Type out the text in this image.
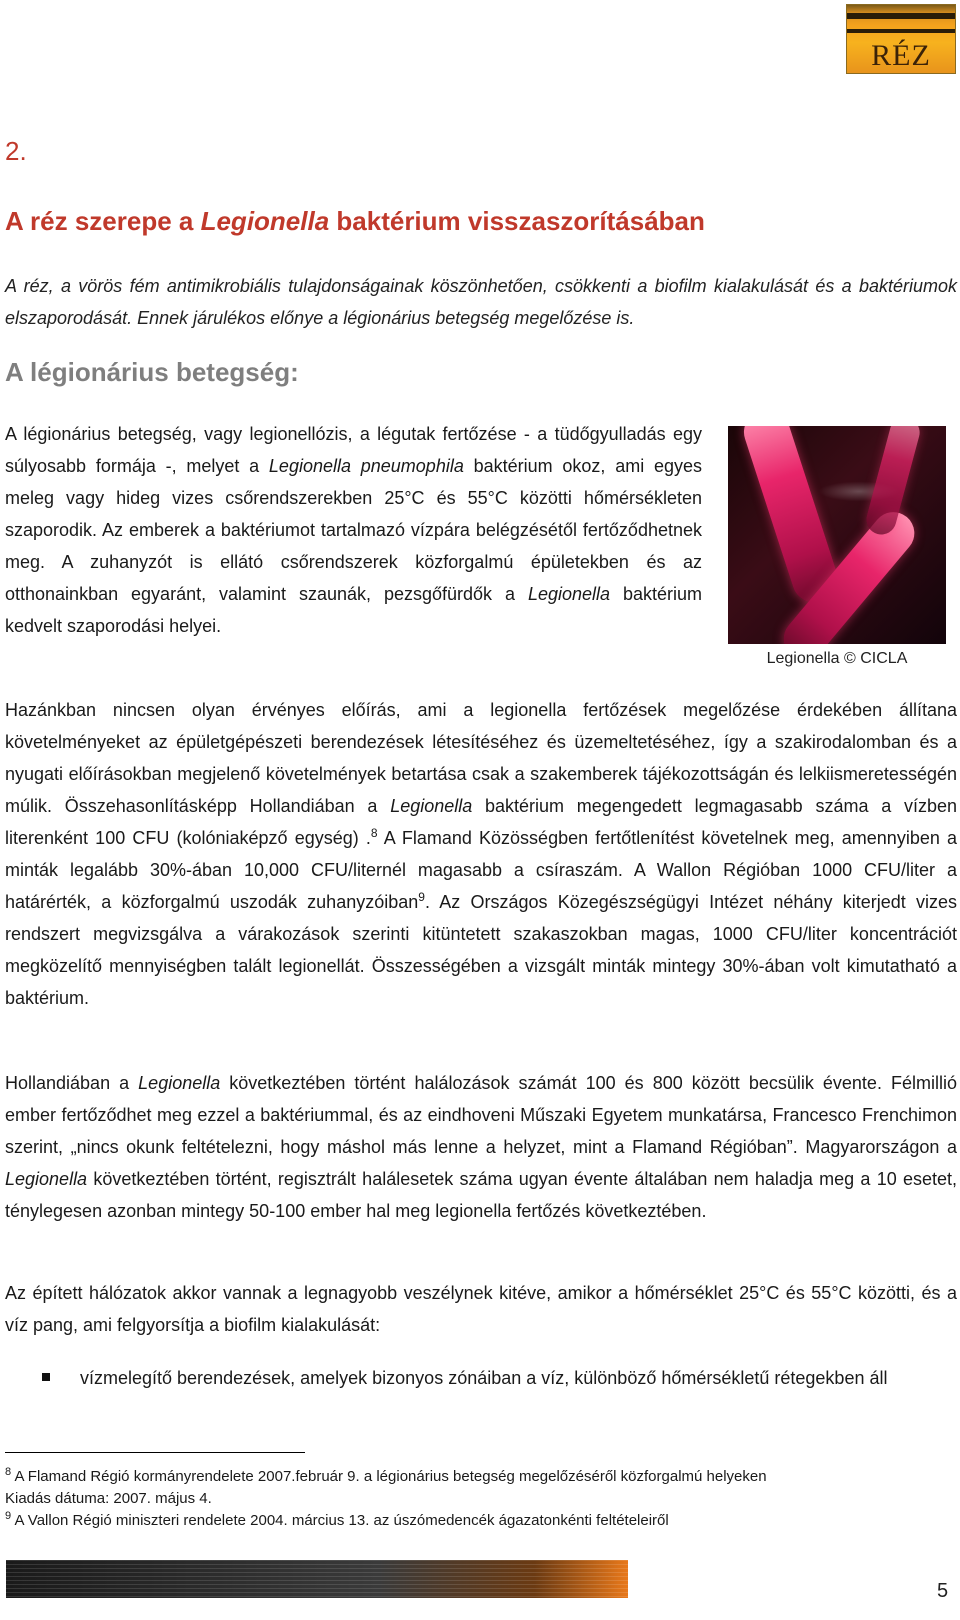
RÉZ
2.
A réz szerepe a Legionella baktérium visszaszorításában

A réz, a vörös fém antimikrobiális tulajdonságainak köszönhetően, csökkenti a biofilm kialakulását és a baktériumok elszaporodását. Ennek járulékos előnye a légionárius betegség megelőzése is.

A légionárius betegség:

A légionárius betegség, vagy legionellózis, a légutak fertőzése - a tüdőgyulladás egy súlyosabb formája -, melyet a Legionella pneumophila baktérium okoz, ami egyes meleg vagy hideg vizes csőrendszerekben 25°C és 55°C közötti hőmérsékleten szaporodik. Az emberek a baktériumot tartalmazó vízpára belégzésétől fertőződhetnek meg. A zuhanyzót is ellátó csőrendszerek közforgalmú épületekben és az otthonainkban egyaránt, valamint szaunák, pezsgőfürdők a Legionella baktérium kedvelt szaporodási helyei.

Legionella © CICLA

Hazánkban nincsen olyan érvényes előírás, ami a legionella fertőzések megelőzése érdekében állítana követelményeket az épületgépészeti berendezések létesítéséhez és üzemeltetéséhez, így a szakirodalomban és a nyugati előírásokban megjelenő követelmények betartása csak a szakemberek tájékozottságán és lelkiismeretességén múlik. Összehasonlításképp Hollandiában a Legionella baktérium megengedett legmagasabb száma a vízben literenként 100 CFU (kolóniaképző egység) .$^8$ A Flamand Közösségben fertőtlenítést követelnek meg, amennyiben a minták legalább 30%-ában 10,000 CFU/liternél magasabb a csíraszám. A Wallon Régióban 1000 CFU/liter a határérték, a közforgalmú uszodák zuhanyzóiban$^9$. Az Országos Közegészségügyi Intézet néhány kiterjedt vizes rendszert megvizsgálva a várakozások szerinti kitüntetett szakaszokban magas, 1000 CFU/liter koncentrációt megközelítő mennyiségben talált legionellát. Összességében a vizsgált minták mintegy 30%-ában volt kimutatható a baktérium.

Hollandiában a Legionella következtében történt halálozások számát 100 és 800 között becsülik évente. Félmillió ember fertőződhet meg ezzel a baktériummal, és az eindhoveni Műszaki Egyetem munkatársa, Francesco Frenchimon szerint, „nincs okunk feltételezni, hogy máshol más lenne a helyzet, mint a Flamand Régióban”. Magyarországon a Legionella következtében történt, regisztrált halálesetek száma ugyan évente általában nem haladja meg a 10 esetet, ténylegesen azonban mintegy 50-100 ember hal meg legionella fertőzés következtében.

Az épített hálózatok akkor vannak a legnagyobb veszélynek kitéve, amikor a hőmérséklet 25°C és 55°C közötti, és a víz pang, ami felgyorsítja a biofilm kialakulását:

vízmelegítő berendezések, amelyek bizonyos zónáiban a víz, különböző hőmérsékletű rétegekben áll

$^8$ A Flamand Régió kormányrendelete 2007.február 9. a légionárius betegség megelőzéséről közforgalmú helyeken

Kiadás dátuma: 2007. május 4.

$^9$ A Vallon Régió miniszteri rendelete 2004. március 13. az úszómedencék ágazatonkénti feltételeiről

5
